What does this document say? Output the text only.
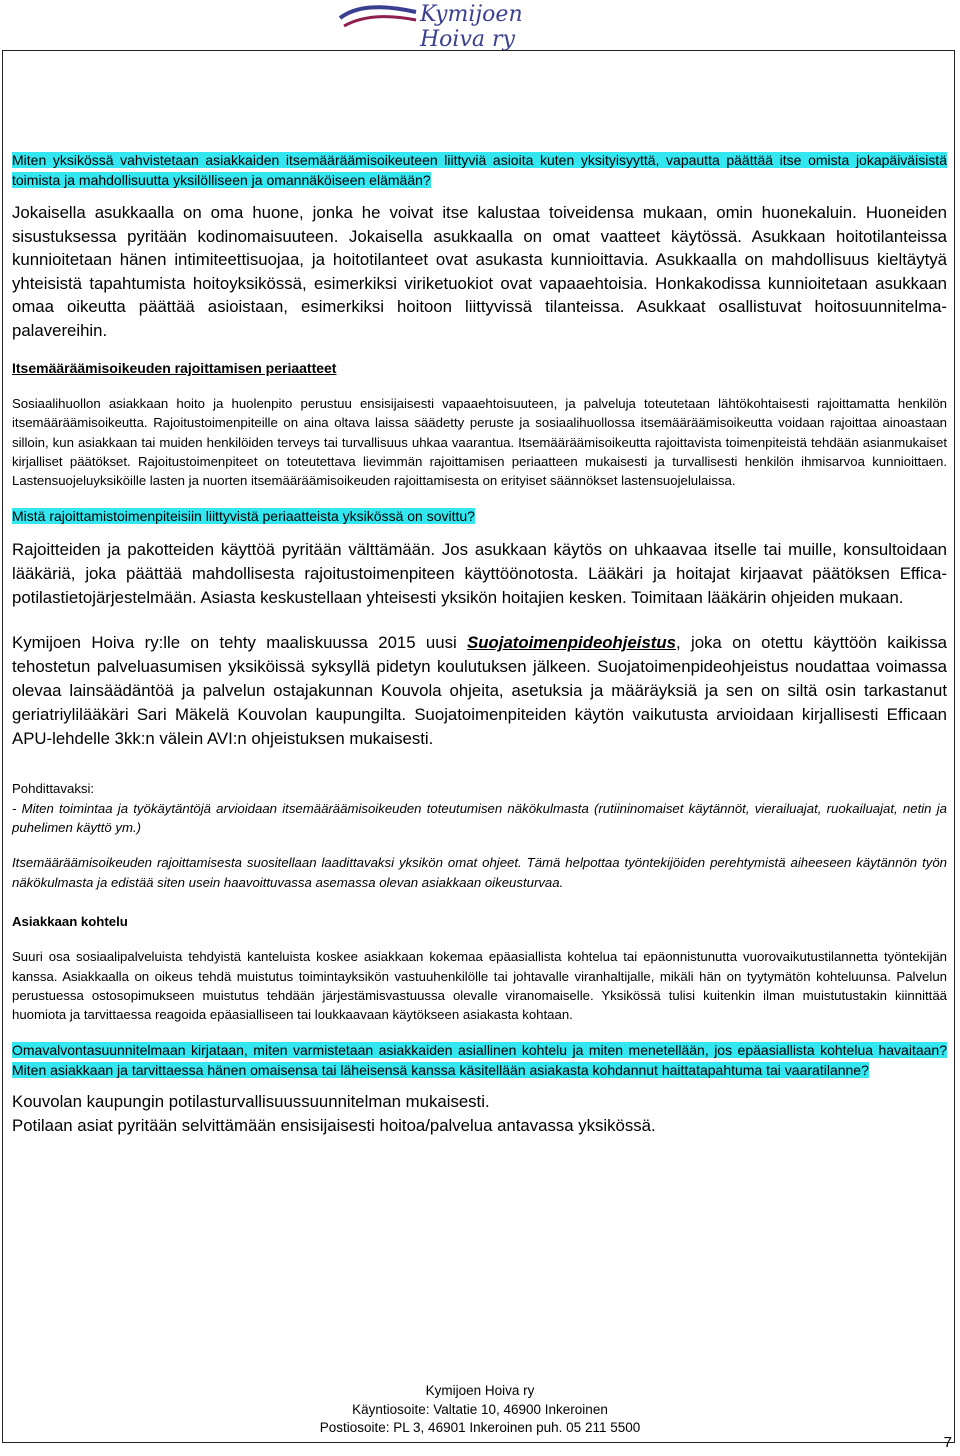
Kymijoen
Hoiva ry

Miten yksikössä vahvistetaan asiakkaiden itsemääräämisoikeuteen liittyviä asioita kuten yksityisyyttä, vapautta päättää itse omista jokapäiväisistä toimista ja mahdollisuutta yksilölliseen ja omannäköiseen elämään?

Jokaisella asukkaalla on oma huone, jonka he voivat itse kalustaa toiveidensa mukaan, omin huonekaluin. Huoneiden sisustuksessa pyritään kodinomaisuuteen. Jokaisella asukkaalla on omat vaatteet käytössä. Asukkaan hoitotilanteissa kunnioitetaan hänen intimiteettisuojaa, ja hoitotilanteet ovat asukasta kunnioittavia. Asukkaalla on mahdollisuus kieltäytyä yhteisistä tapahtumista hoitoyksikössä, esimerkiksi viriketuokiot ovat vapaaehtoisia. Honkakodissa kunnioitetaan asukkaan omaa oikeutta päättää asioistaan, esimerkiksi hoitoon liittyvissä tilanteissa. Asukkaat osallistuvat hoitosuunnitelma-palavereihin.

Itsemääräämisoikeuden rajoittamisen periaatteet

Sosiaalihuollon asiakkaan hoito ja huolenpito perustuu ensisijaisesti vapaaehtoisuuteen, ja palveluja toteutetaan lähtökohtaisesti rajoittamatta henkilön itsemääräämisoikeutta. Rajoitustoimenpiteille on aina oltava laissa säädetty peruste ja sosiaalihuollossa itsemääräämisoikeutta voidaan rajoittaa ainoastaan silloin, kun asiakkaan tai muiden henkilöiden terveys tai turvallisuus uhkaa vaarantua. Itsemääräämisoikeutta rajoittavista toimenpiteistä tehdään asianmukaiset kirjalliset päätökset. Rajoitustoimenpiteet on toteutettava lievimmän rajoittamisen periaatteen mukaisesti ja turvallisesti henkilön ihmisarvoa kunnioittaen. Lastensuojeluyksiköille lasten ja nuorten itsemääräämisoikeuden rajoittamisesta on erityiset säännökset lastensuojelulaissa.

Mistä rajoittamistoimenpiteisiin liittyvistä periaatteista yksikössä on sovittu?

Rajoitteiden ja pakotteiden käyttöä pyritään välttämään. Jos asukkaan käytös on uhkaavaa itselle tai muille, konsultoidaan lääkäriä, joka päättää mahdollisesta rajoitustoimenpiteen käyttöönotosta. Lääkäri ja hoitajat kirjaavat päätöksen Effica-potilastietojärjestelmään. Asiasta keskustellaan yhteisesti yksikön hoitajien kesken. Toimitaan lääkärin ohjeiden mukaan.

Kymijoen Hoiva ry:lle on tehty maaliskuussa 2015 uusi Suojatoimenpideohjeistus, joka on otettu käyttöön kaikissa tehostetun palveluasumisen yksiköissä syksyllä pidetyn koulutuksen jälkeen. Suojatoimenpideohjeistus noudattaa voimassa olevaa lainsäädäntöä ja palvelun ostajakunnan Kouvola ohjeita, asetuksia ja määräyksiä ja sen on siltä osin tarkastanut geriatriylilääkäri Sari Mäkelä Kouvolan kaupungilta. Suojatoimenpiteiden käytön vaikutusta arvioidaan kirjallisesti Efficaan APU-lehdelle 3kk:n välein AVI:n ohjeistuksen mukaisesti.

Pohdittavaksi:

- Miten toimintaa ja työkäytäntöjä arvioidaan itsemääräämisoikeuden toteutumisen näkökulmasta (rutiininomaiset käytännöt, vierailuajat, ruokailuajat, netin ja puhelimen käyttö ym.)

Itsemääräämisoikeuden rajoittamisesta suositellaan laadittavaksi yksikön omat ohjeet. Tämä helpottaa työntekijöiden perehtymistä aiheeseen käytännön työn näkökulmasta ja edistää siten usein haavoittuvassa asemassa olevan asiakkaan oikeusturvaa.

Asiakkaan kohtelu

Suuri osa sosiaalipalveluista tehdyistä kanteluista koskee asiakkaan kokemaa epäasiallista kohtelua tai epäonnistunutta vuorovaikutustilannetta työntekijän kanssa. Asiakkaalla on oikeus tehdä muistutus toimintayksikön vastuuhenkilölle tai johtavalle viranhaltijalle, mikäli hän on tyytymätön kohteluunsa. Palvelun perustuessa ostosopimukseen muistutus tehdään järjestämisvastuussa olevalle viranomaiselle. Yksikössä tulisi kuitenkin ilman muistutustakin kiinnittää huomiota ja tarvittaessa reagoida epäasialliseen tai loukkaavaan käytökseen asiakasta kohtaan.

Omavalvontasuunnitelmaan kirjataan, miten varmistetaan asiakkaiden asiallinen kohtelu ja miten menetellään, jos epäasiallista kohtelua havaitaan? Miten asiakkaan ja tarvittaessa hänen omaisensa tai läheisensä kanssa käsitellään asiakasta kohdannut haittatapahtuma tai vaaratilanne?

Kouvolan kaupungin potilasturvallisuussuunnitelman mukaisesti.

Potilaan asiat pyritään selvittämään ensisijaisesti hoitoa/palvelua antavassa yksikössä.

Kymijoen Hoiva ry
Käyntiosoite: Valtatie 10, 46900 Inkeroinen
Postiosoite: PL 3, 46901 Inkeroinen puh. 05 211 5500
7
